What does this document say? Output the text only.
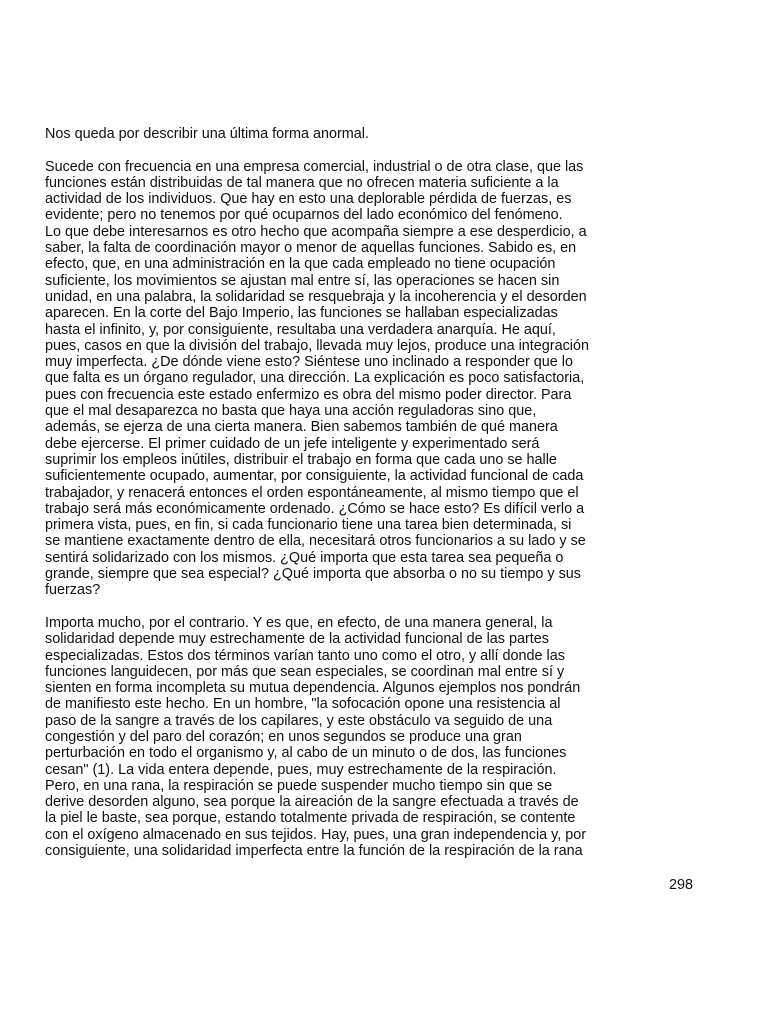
Nos queda por describir una última forma anormal.

Sucede con frecuencia en una empresa comercial, industrial o de otra clase, que las
funciones están distribuidas de tal manera que no ofrecen materia suficiente a la
actividad de los individuos. Que hay en esto una deplorable pérdida de fuerzas, es
evidente; pero no tenemos por qué ocuparnos del lado económico del fenómeno.
Lo que debe interesarnos es otro hecho que acompaña siempre a ese desperdicio, a
saber, la falta de coordinación mayor o menor de aquellas funciones. Sabido es, en
efecto, que, en una administración en la que cada empleado no tiene ocupación
suficiente, los movimientos se ajustan mal entre sí, las operaciones se hacen sin
unidad, en una palabra, la solidaridad se resquebraja y la incoherencia y el desorden
aparecen. En la corte del Bajo Imperio, las funciones se hallaban especializadas
hasta el infinito, y, por consiguiente, resultaba una verdadera anarquía. He aquí,
pues, casos en que la división del trabajo, llevada muy lejos, produce una integración
muy imperfecta. ¿De dónde viene esto? Siéntese uno inclinado a responder que lo
que falta es un órgano regulador, una dirección. La explicación es poco satisfactoria,
pues con frecuencia este estado enfermizo es obra del mismo poder director. Para
que el mal desaparezca no basta que haya una acción reguladoras sino que,
además, se ejerza de una cierta manera. Bien sabemos también de qué manera
debe ejercerse. El primer cuidado de un jefe inteligente y experimentado será
suprimir los empleos inútiles, distribuir el trabajo en forma que cada uno se halle
suficientemente ocupado, aumentar, por consiguiente, la actividad funcional de cada
trabajador, y renacerá entonces el orden espontáneamente, al mismo tiempo que el
trabajo será más económicamente ordenado. ¿Cómo se hace esto? Es difícil verlo a
primera vista, pues, en fin, si cada funcionario tiene una tarea bien determinada, si
se mantiene exactamente dentro de ella, necesitará otros funcionarios a su lado y se
sentirá solidarizado con los mismos. ¿Qué importa que esta tarea sea pequeña o
grande, siempre que sea especial? ¿Qué importa que absorba o no su tiempo y sus
fuerzas?

Importa mucho, por el contrario. Y es que, en efecto, de una manera general, la
solidaridad depende muy estrechamente de la actividad funcional de las partes
especializadas. Estos dos términos varían tanto uno como el otro, y allí donde las
funciones languidecen, por más que sean especiales, se coordinan mal entre sí y
sienten en forma incompleta su mutua dependencia. Algunos ejemplos nos pondrán
de manifiesto este hecho. En un hombre, "la sofocación opone una resistencia al
paso de la sangre a través de los capilares, y este obstáculo va seguido de una
congestión y del paro del corazón; en unos segundos se produce una gran
perturbación en todo el organismo y, al cabo de un minuto o de dos, las funciones
cesan" (1). La vida entera depende, pues, muy estrechamente de la respiración.
Pero, en una rana, la respiración se puede suspender mucho tiempo sin que se
derive desorden alguno, sea porque la aireación de la sangre efectuada a través de
la piel le baste, sea porque, estando totalmente privada de respiración, se contente
con el oxígeno almacenado en sus tejidos. Hay, pues, una gran independencia y, por
consiguiente, una solidaridad imperfecta entre la función de la respiración de la rana

298
